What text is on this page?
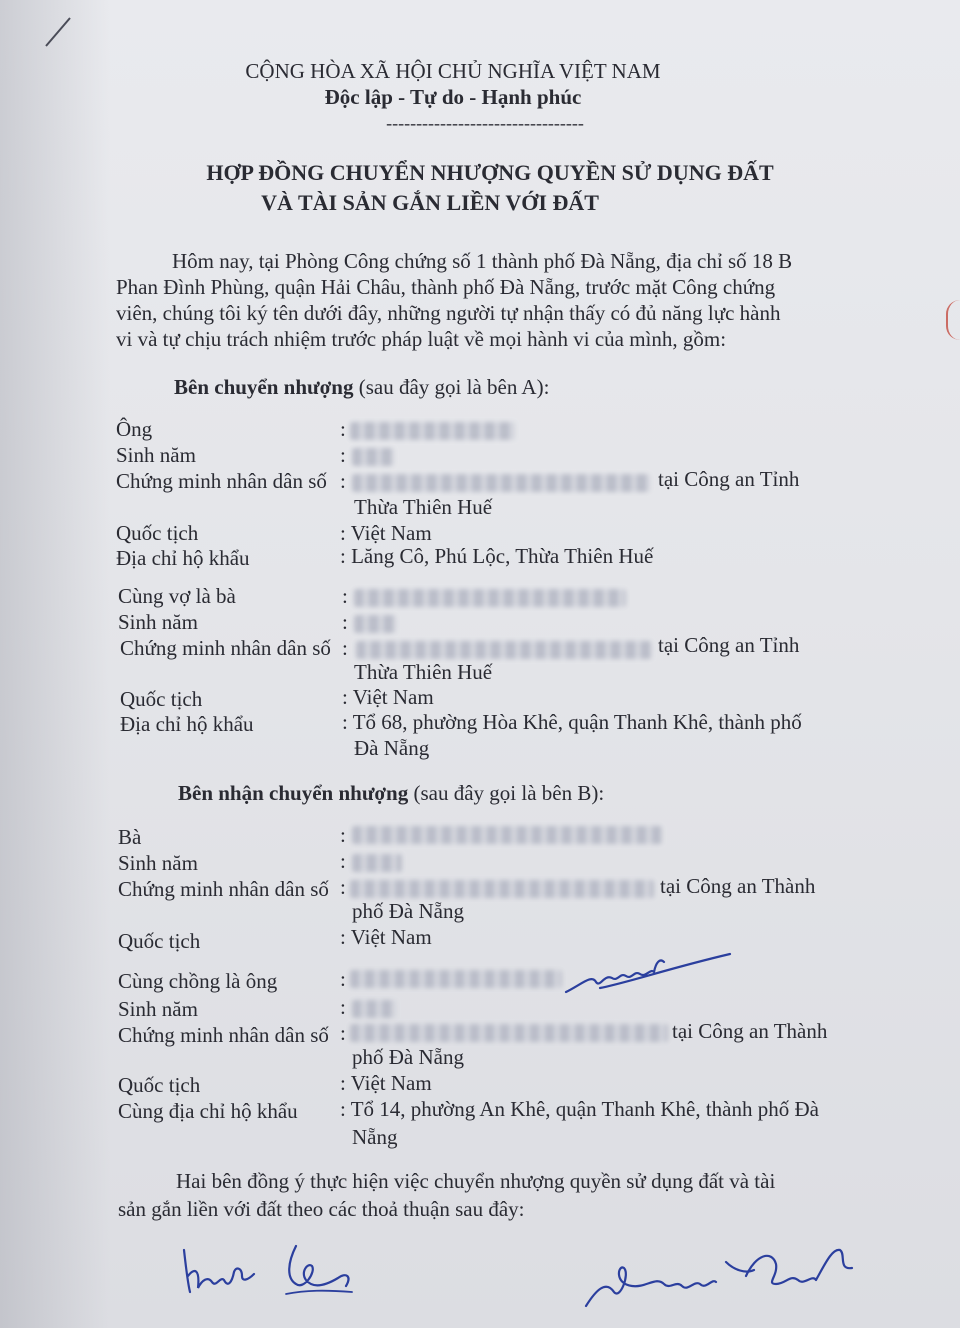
CỘNG HÒA XÃ HỘI CHỦ NGHĨA VIỆT NAM
Độc lập - Tự do - Hạnh phúc
---------------------------------
HỢP ĐỒNG CHUYỂN NHƯỢNG QUYỀN SỬ DỤNG ĐẤT
VÀ TÀI SẢN GẮN LIỀN VỚI ĐẤT
Hôm nay, tại Phòng Công chứng số 1 thành phố Đà Nẵng, địa chỉ số 18 B
Phan Đình Phùng, quận Hải Châu, thành phố Đà Nẵng, trước mặt Công chứng
viên, chúng tôi ký tên dưới đây, những người tự nhận thấy có đủ năng lực hành
vi và tự chịu trách nhiệm trước pháp luật về mọi hành vi của mình, gồm:
Bên chuyển nhượng (sau đây gọi là bên A):
Ông	:
Sinh năm	:
Chứng minh nhân dân số :	tại Công an Tỉnh
Thừa Thiên Huế
Quốc tịch	: Việt Nam
Địa chỉ hộ khẩu	: Lăng Cô, Phú Lộc, Thừa Thiên Huế
Cùng vợ là bà	:
Sinh năm	:
Chứng minh nhân dân số :	tại Công an Tỉnh
Thừa Thiên Huế
Quốc tịch	: Việt Nam
Địa chỉ hộ khẩu	: Tổ 68, phường Hòa Khê, quận Thanh Khê, thành phố
Đà Nẵng
Bên nhận chuyển nhượng (sau đây gọi là bên B):
Bà	:
Sinh năm	:
Chứng minh nhân dân số :	tại Công an Thành
phố Đà Nẵng
Quốc tịch	: Việt Nam
Cùng chồng là ông	:
Sinh năm	:
Chứng minh nhân dân số :	tại Công an Thành
phố Đà Nẵng
Quốc tịch	: Việt Nam
Cùng địa chỉ hộ khẩu : Tổ 14, phường An Khê, quận Thanh Khê, thành phố Đà
Nẵng
Hai bên đồng ý thực hiện việc chuyển nhượng quyền sử dụng đất và tài
sản gắn liền với đất theo các thoả thuận sau đây:
